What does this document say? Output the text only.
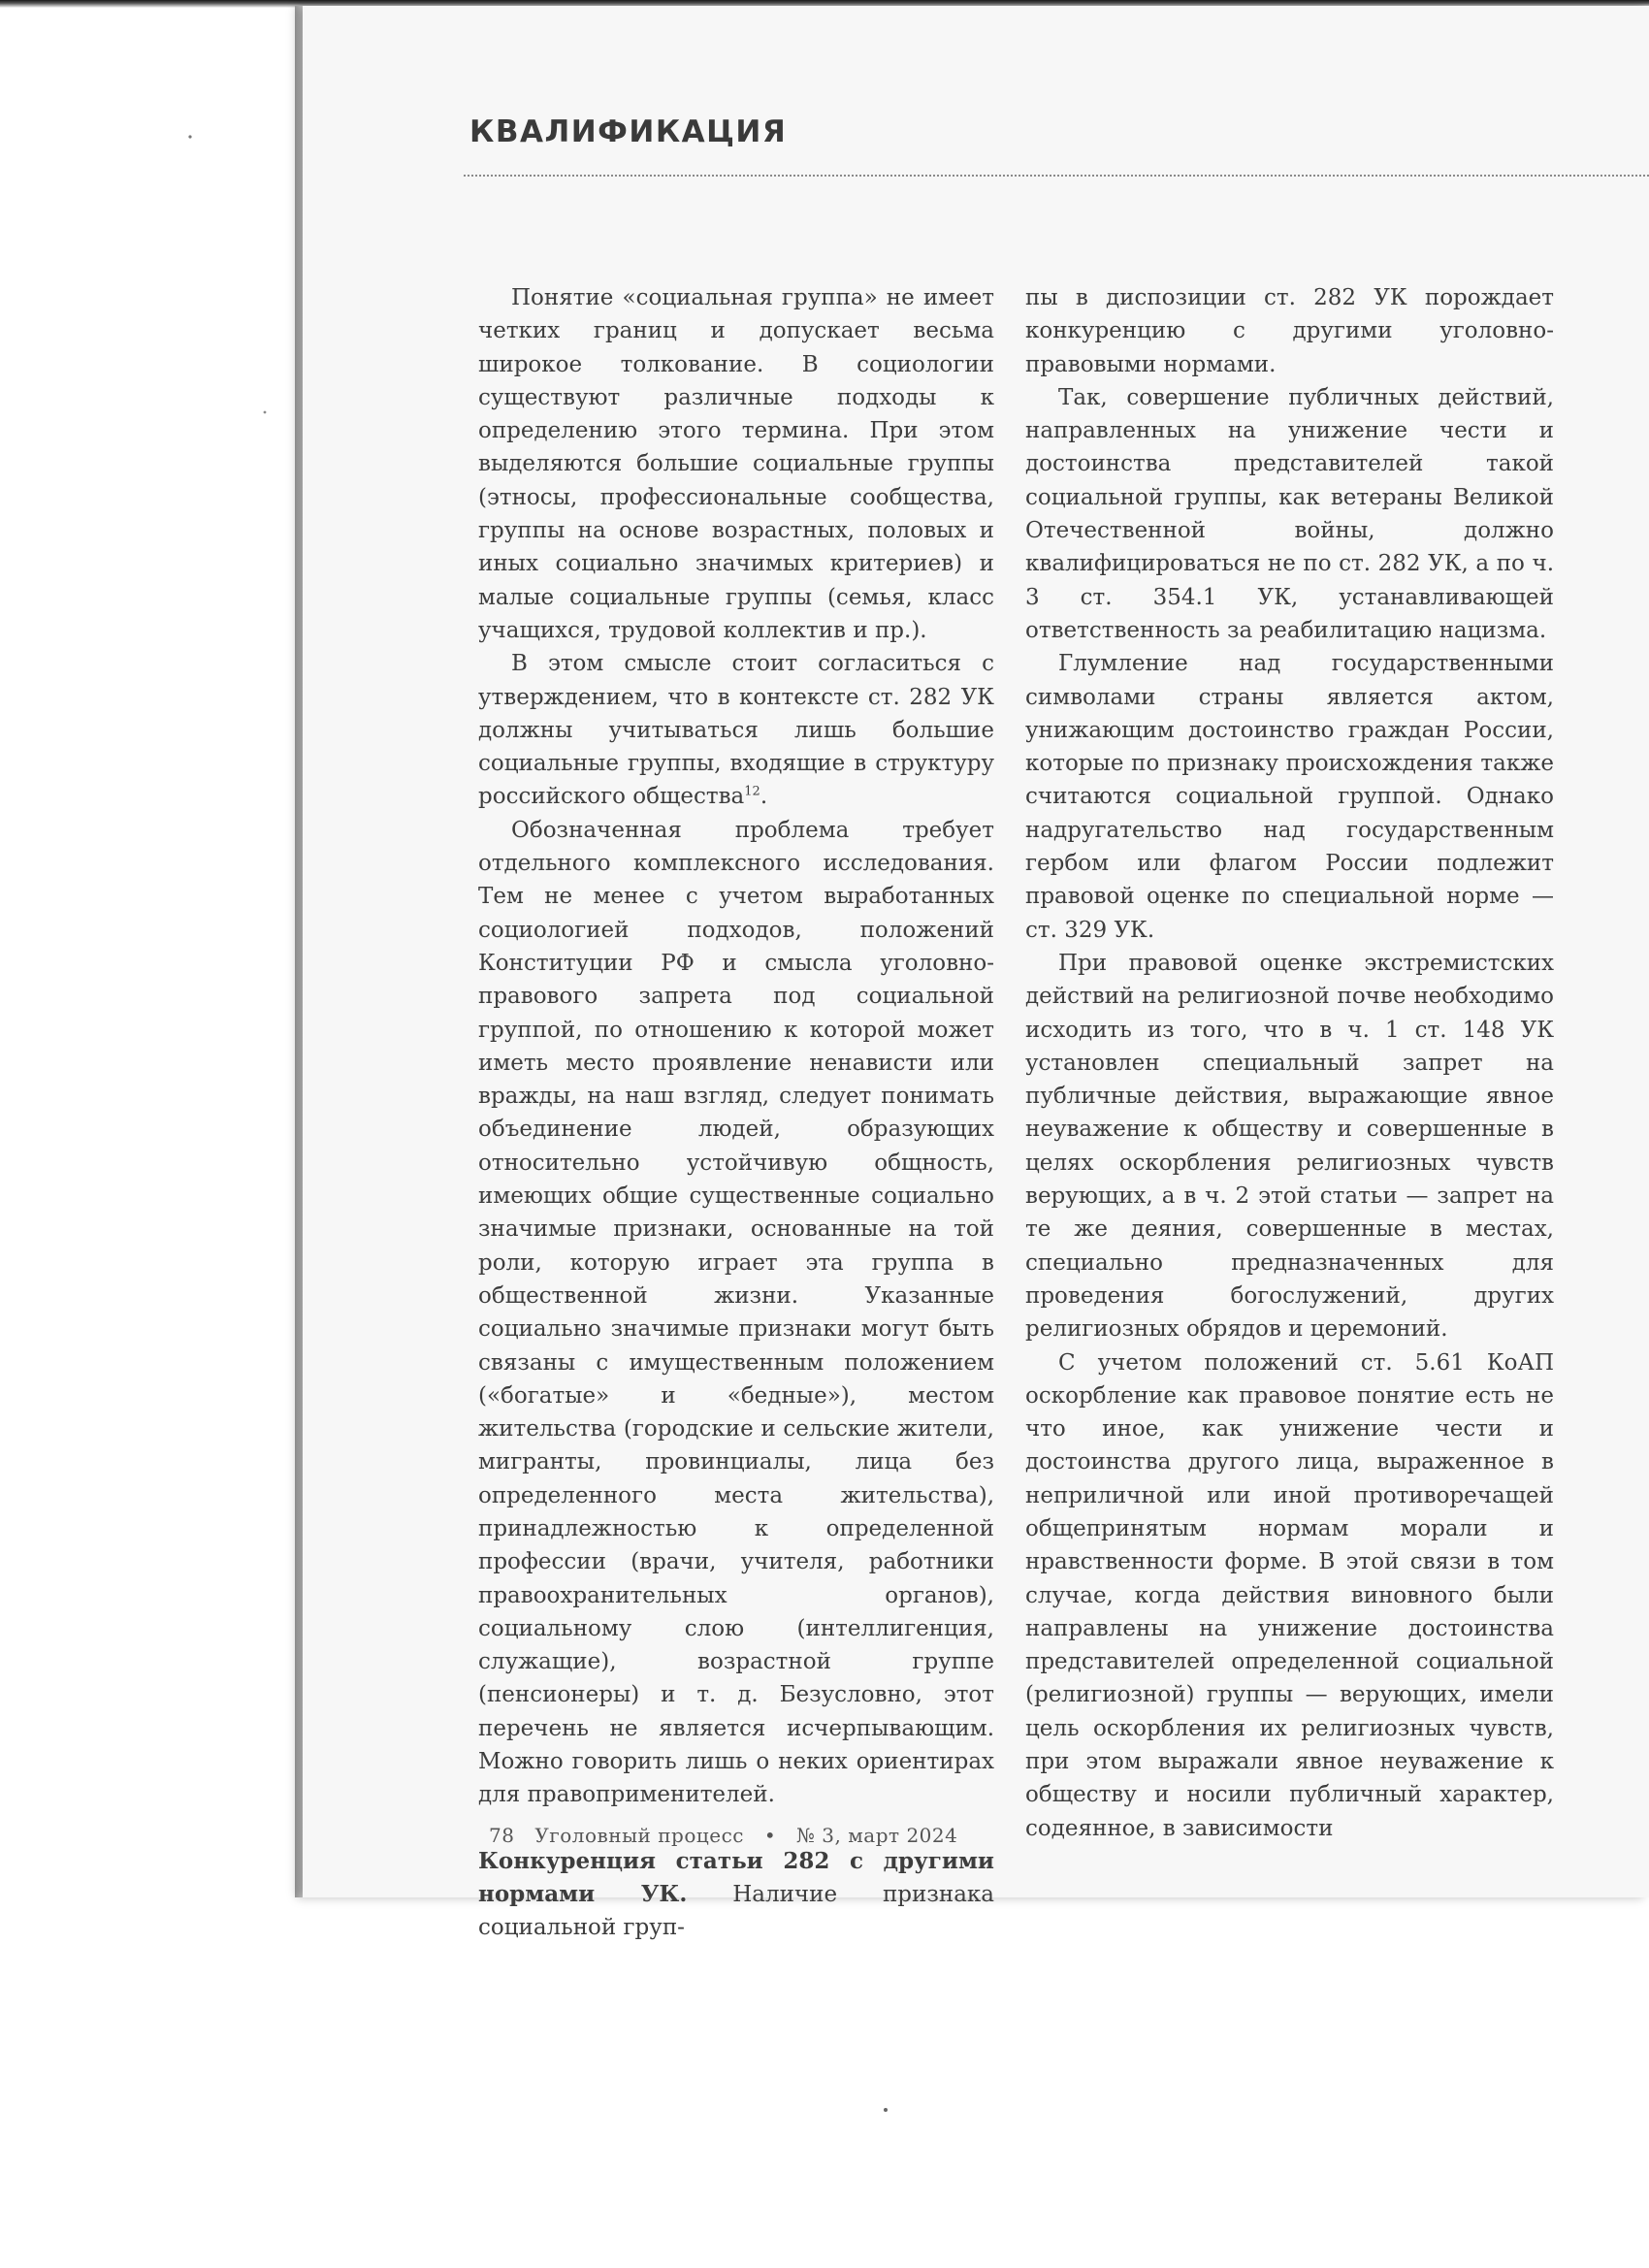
КВАЛИФИКАЦИЯ

Понятие «социальная группа» не имеет четких границ и допускает весьма широкое толкование. В социологии существуют различные подходы к определению этого термина. При этом выделяются большие социальные группы (этносы, профессиональные сообщества, группы на основе возрастных, половых и иных социально значимых критериев) и малые социальные группы (семья, класс учащихся, трудовой коллектив и пр.).

В этом смысле стоит согласиться с утверждением, что в контексте ст. 282 УК должны учитываться лишь большие социальные группы, входящие в структуру российского общества$^{12}$.

Обозначенная проблема требует отдельного комплексного исследования. Тем не менее с учетом выработанных социологией подходов, положений Конституции РФ и смысла уголовно-правового запрета под социальной группой, по отношению к которой может иметь место проявление ненависти или вражды, на наш взгляд, следует понимать объединение людей, образующих относительно устойчивую общность, имеющих общие существенные социально значимые признаки, основанные на той роли, которую играет эта группа в общественной жизни. Указанные социально значимые признаки могут быть связаны с имущественным положением («богатые» и «бедные»), местом жительства (городские и сельские жители, мигранты, провинциалы, лица без определенного места жительства), принадлежностью к определенной профессии (врачи, учителя, работники правоохранительных органов), социальному слою (интеллигенция, служащие), возрастной группе (пенсионеры) и т. д. Безусловно, этот перечень не является исчерпывающим. Можно говорить лишь о неких ориентирах для правоприменителей.

Конкуренция статьи 282 с другими нормами УК. Наличие признака социальной груп-

пы в диспозиции ст. 282 УК порождает конкуренцию с другими уголовно-правовыми нормами.

Так, совершение публичных действий, направленных на унижение чести и достоинства представителей такой социальной группы, как ветераны Великой Отечественной войны, должно квалифицироваться не по ст. 282 УК, а по ч. 3 ст. 354.1 УК, устанавливающей ответственность за реабилитацию нацизма.

Глумление над государственными символами страны является актом, унижающим достоинство граждан России, которые по признаку происхождения также считаются социальной группой. Однако надругательство над государственным гербом или флагом России подлежит правовой оценке по специальной норме — ст. 329 УК.

При правовой оценке экстремистских действий на религиозной почве необходимо исходить из того, что в ч. 1 ст. 148 УК установлен специальный запрет на публичные действия, выражающие явное неуважение к обществу и совершенные в целях оскорбления религиозных чувств верующих, а в ч. 2 этой статьи — запрет на те же деяния, совершенные в местах, специально предназначенных для проведения богослужений, других религиозных обрядов и церемоний.

С учетом положений ст. 5.61 КоАП оскорбление как правовое понятие есть не что иное, как унижение чести и достоинства другого лица, выраженное в неприличной или иной противоречащей общепринятым нормам морали и нравственности форме. В этой связи в том случае, когда действия виновного были направлены на унижение достоинства представителей определенной социальной (религиозной) группы — верующих, имели цель оскорбления их религиозных чувств, при этом выражали явное неуважение к обществу и носили публичный характер, содеянное, в зависимости

78 Уголовный процесс • № 3, март 2024
